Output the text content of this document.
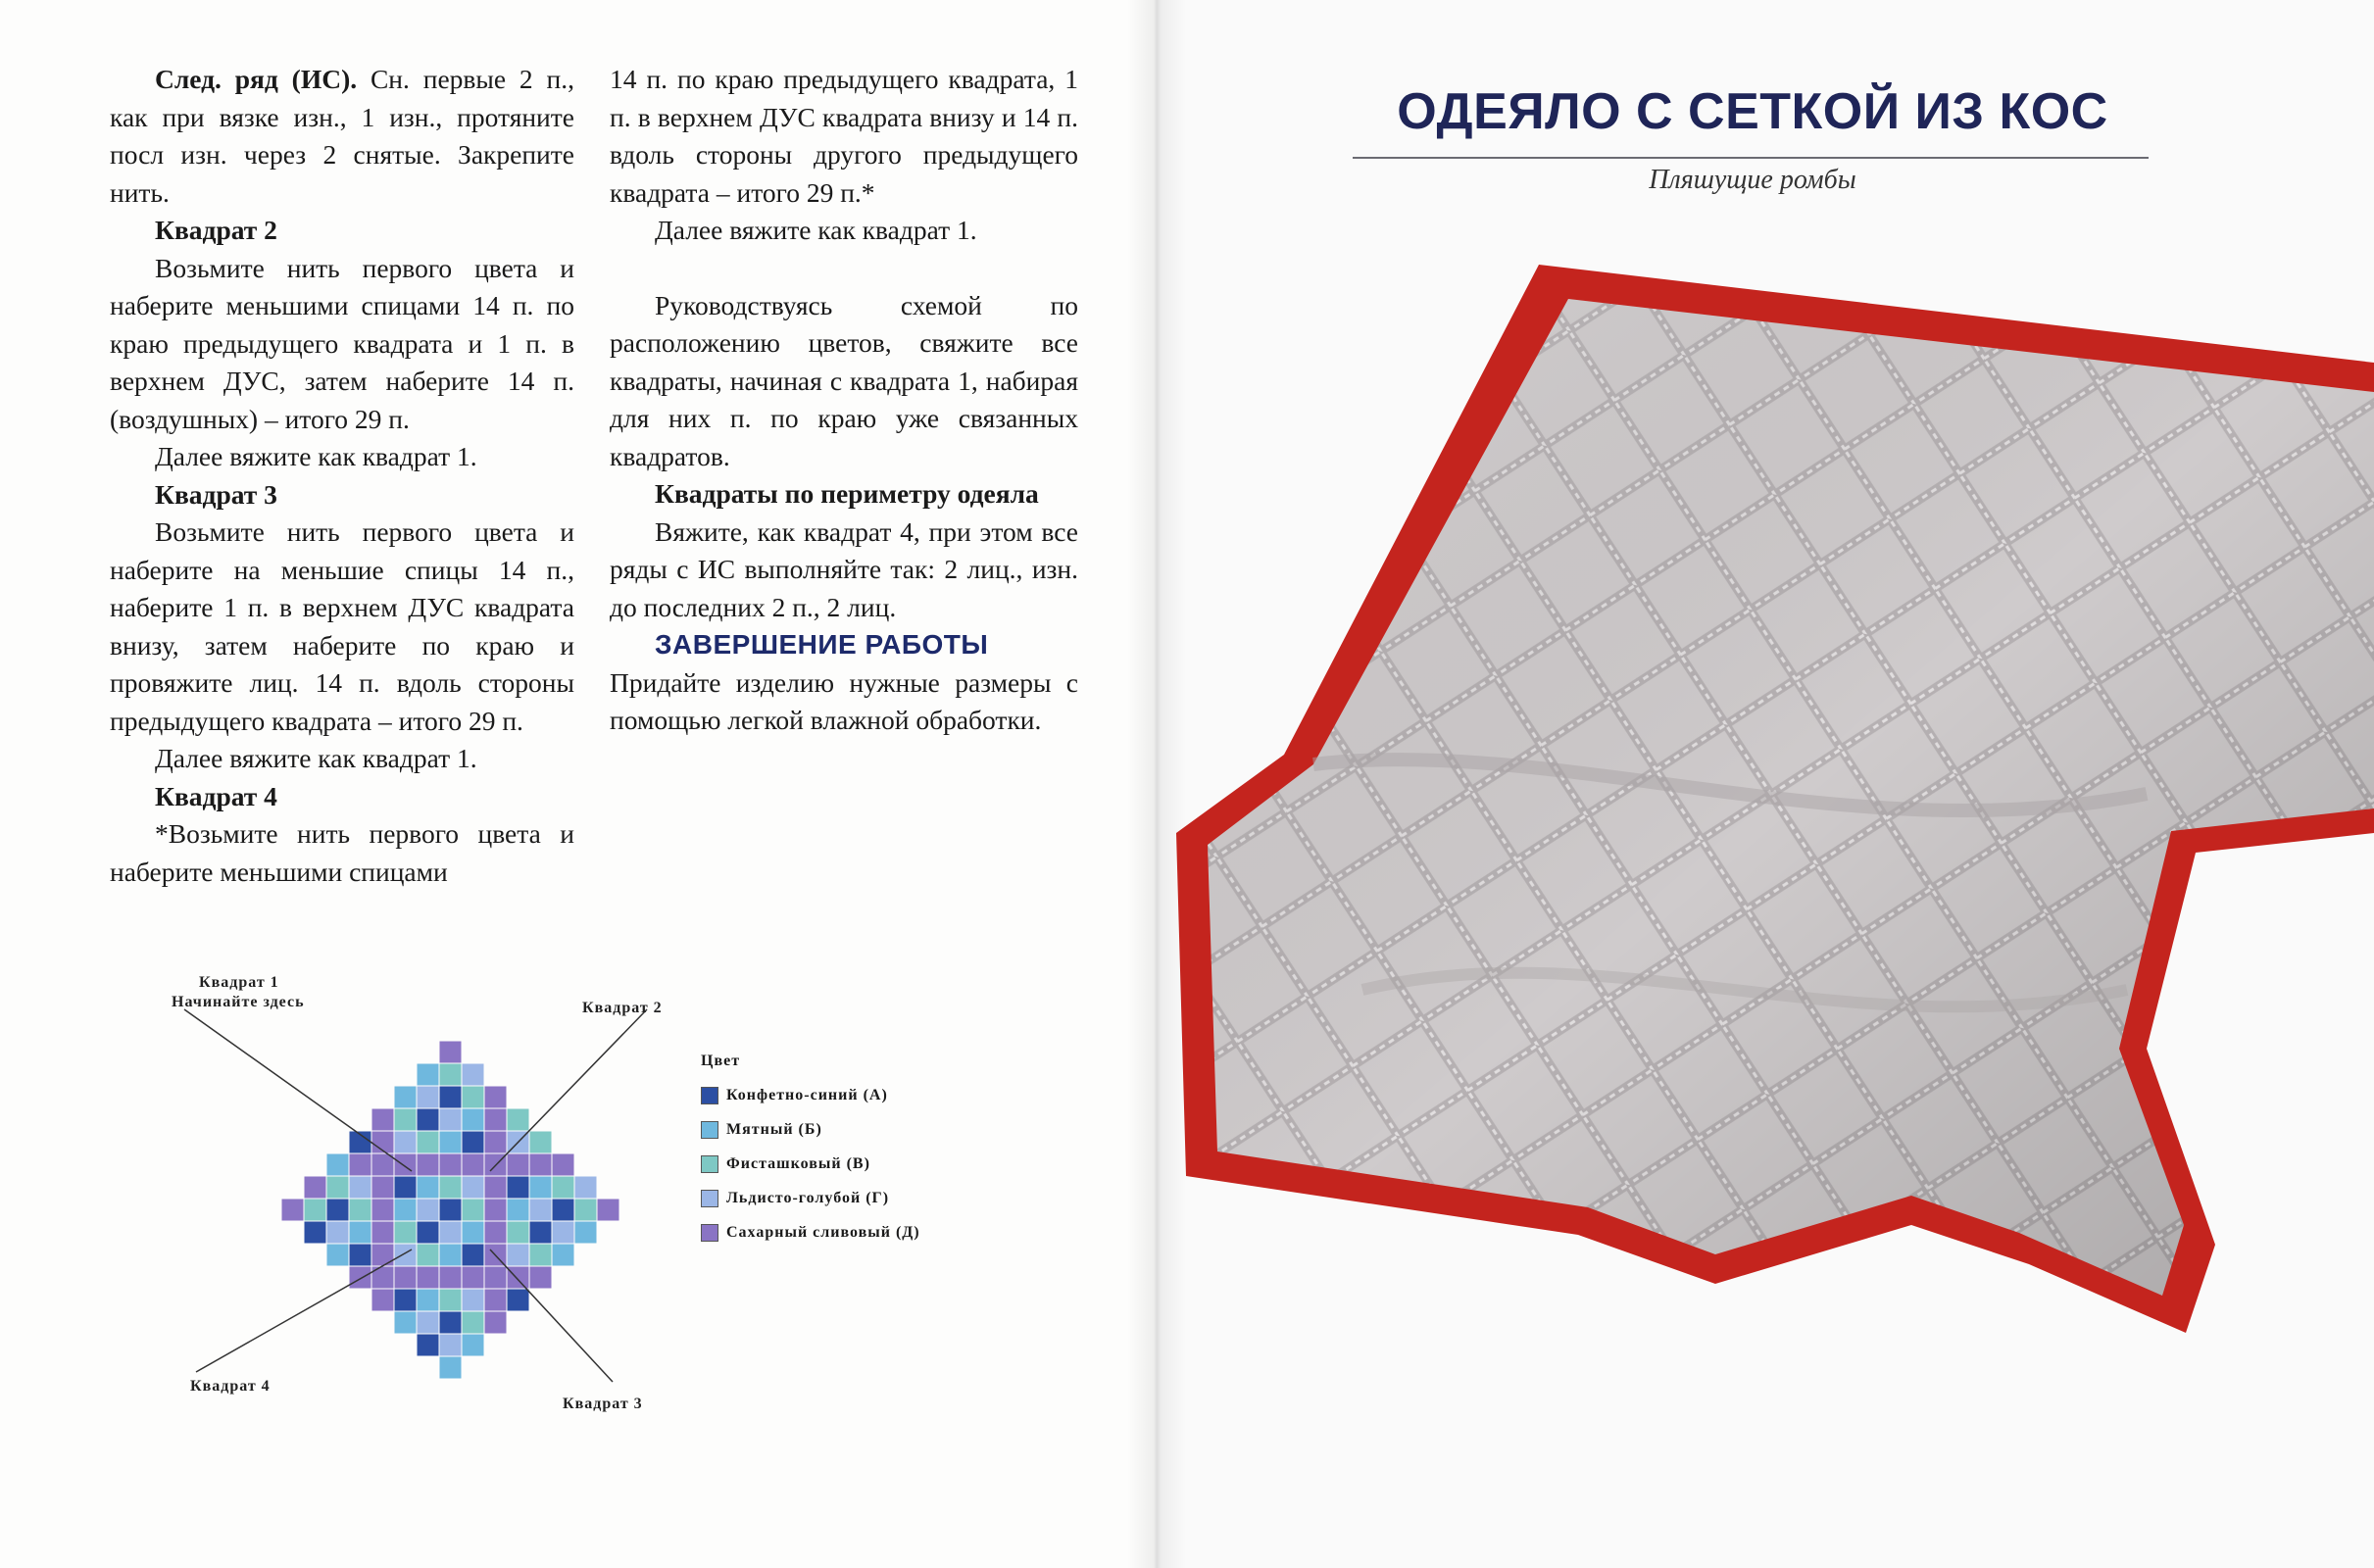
След. ряд (ИС). Сн. первые 2 п., как при вязке изн., 1 изн., протяните посл изн. через 2 снятые. Закрепите нить.

Квадрат 2

Возьмите нить первого цвета и наберите меньшими спицами 14 п. по краю предыдущего квадрата и 1 п. в верхнем ДУС, затем наберите 14 п. (воздушных) – итого 29 п.

Далее вяжите как квадрат 1.

Квадрат 3

Возьмите нить первого цвета и наберите на меньшие спицы 14 п., наберите 1 п. в верхнем ДУС квадрата внизу, затем наберите по краю и провяжите лиц. 14 п. вдоль стороны предыдущего квадрата – итого 29 п.

Далее вяжите как квадрат 1.

Квадрат 4

*Возьмите нить первого цвета и наберите меньшими спицами

14 п. по краю предыдущего квадрата, 1 п. в верхнем ДУС квадрата внизу и 14 п. вдоль стороны другого предыдущего квадрата – итого 29 п.*

Далее вяжите как квадрат 1.

Руководствуясь схемой по расположению цветов, свяжите все квадраты, начиная с квадрата 1, набирая для них п. по краю уже связанных квадратов.

Квадраты по периметру одеяла

Вяжите, как квадрат 4, при этом все ряды с ИС выполняйте так: 2 лиц., изн. до последних 2 п., 2 лиц.

ЗАВЕРШЕНИЕ РАБОТЫ

Придайте изделию нужные размеры с помощью легкой влажной обработки.

ОДЕЯЛО С СЕТКОЙ ИЗ КОС
Пляшущие ромбы
Квадрат 1
Начинайте здесь	Квадрат 2
Квадрат 3
Квадрат 4
Цвет
Конфетно-синий (А)
Мятный (Б)
Фисташковый (В)
Льдисто-голубой (Г)
Сахарный сливовый (Д)
